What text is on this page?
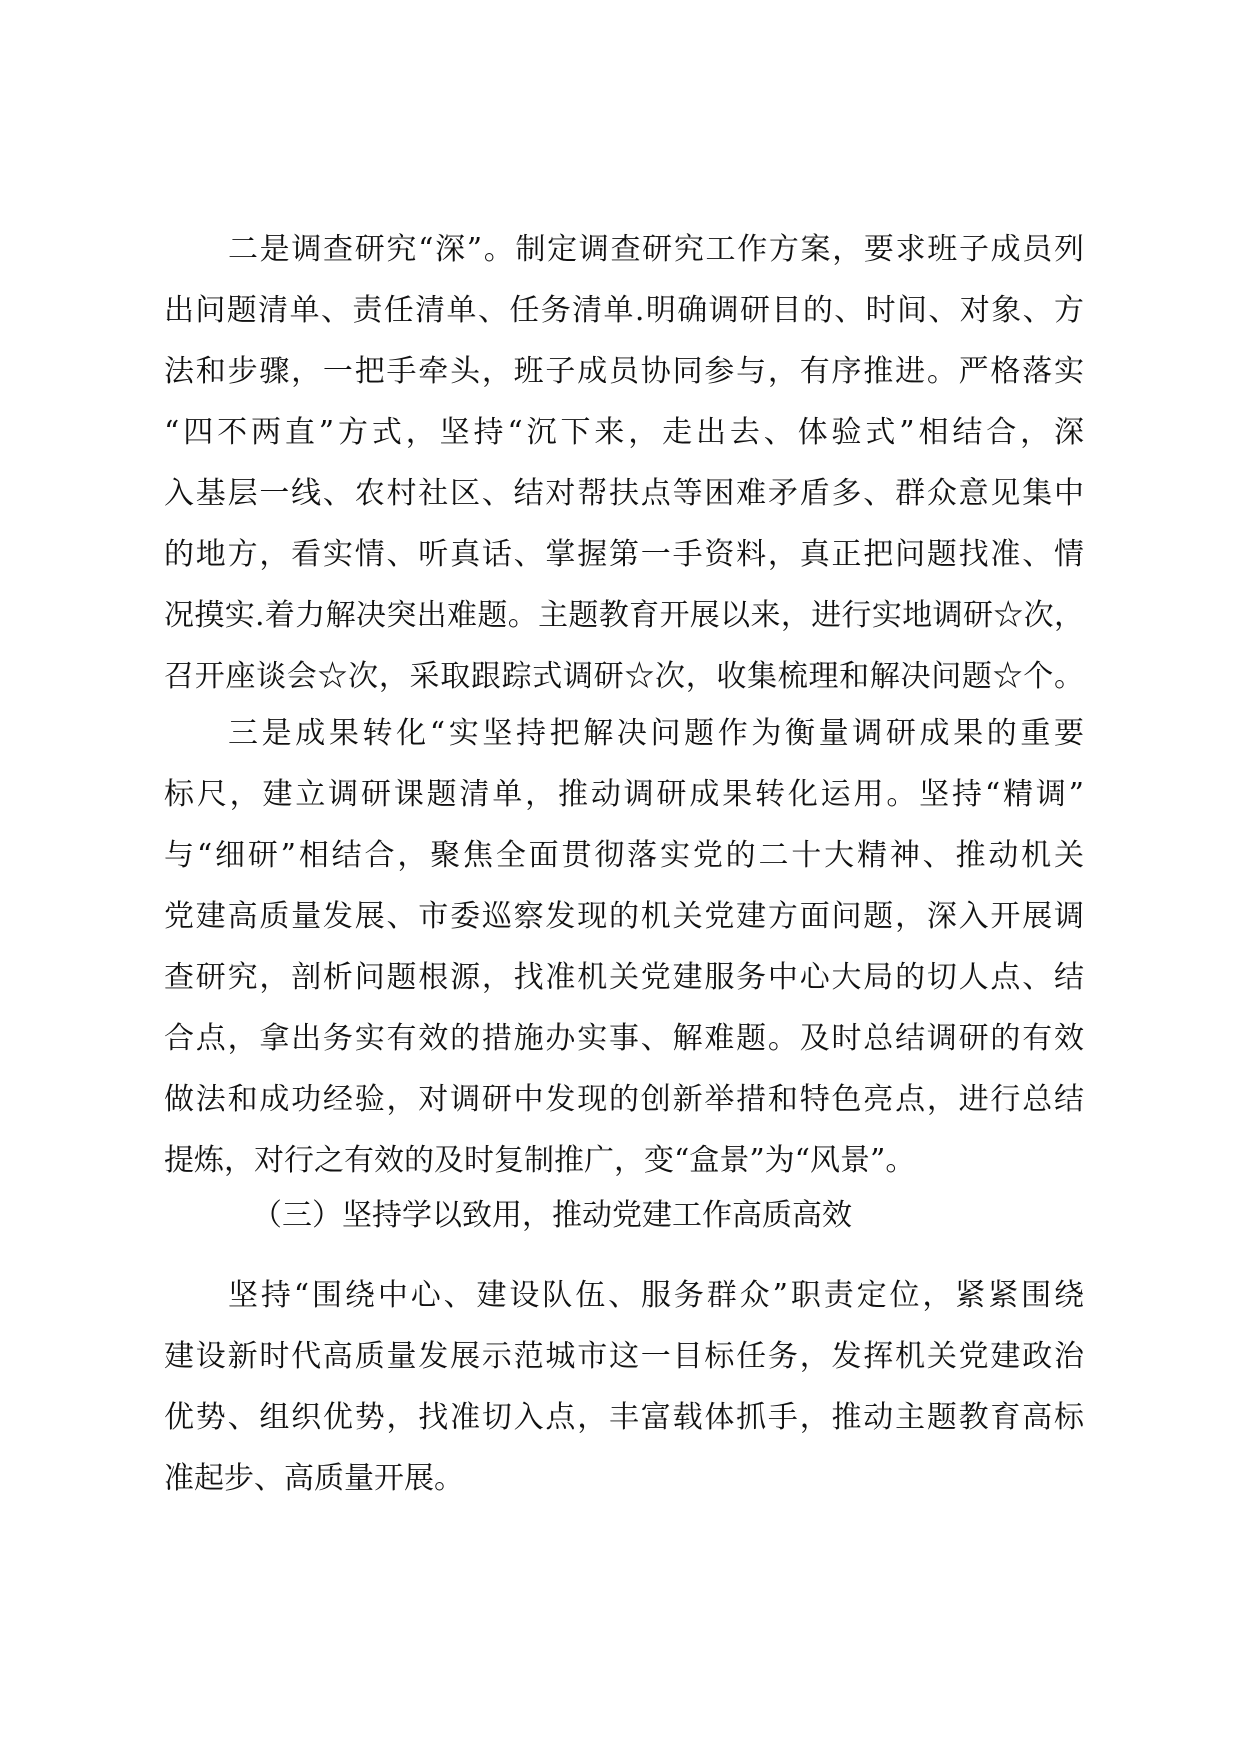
二是调查研究“深”。制定调查研究工作方案，要求班子成员列
出问题清单、责任清单、任务清单.明确调研目的、时间、对象、方
法和步骤，一把手牵头，班子成员协同参与，有序推进。严格落实
“四不两直”方式，坚持“沉下来，走出去、体验式”相结合，深
入基层一线、农村社区、结对帮扶点等困难矛盾多、群众意见集中
的地方，看实情、听真话、掌握第一手资料，真正把问题找准、情
况摸实.着力解决突出难题。主题教育开展以来，进行实地调研☆次，
召开座谈会☆次，采取跟踪式调研☆次，收集梳理和解决问题☆个。
三是成果转化“实坚持把解决问题作为衡量调研成果的重要
标尺，建立调研课题清单，推动调研成果转化运用。坚持“精调”
与“细研”相结合，聚焦全面贯彻落实党的二十大精神、推动机关
党建高质量发展、市委巡察发现的机关党建方面问题，深入开展调
查研究，剖析问题根源，找准机关党建服务中心大局的切人点、结
合点，拿出务实有效的措施办实事、解难题。及时总结调研的有效
做法和成功经验，对调研中发现的创新举措和特色亮点，进行总结
提炼，对行之有效的及时复制推广，变“盒景”为“风景”。
（三）坚持学以致用，推动党建工作高质高效
坚持“围绕中心、建设队伍、服务群众”职责定位，紧紧围绕
建设新时代高质量发展示范城市这一目标任务，发挥机关党建政治
优势、组织优势，找准切入点，丰富载体抓手，推动主题教育高标
准起步、高质量开展。
